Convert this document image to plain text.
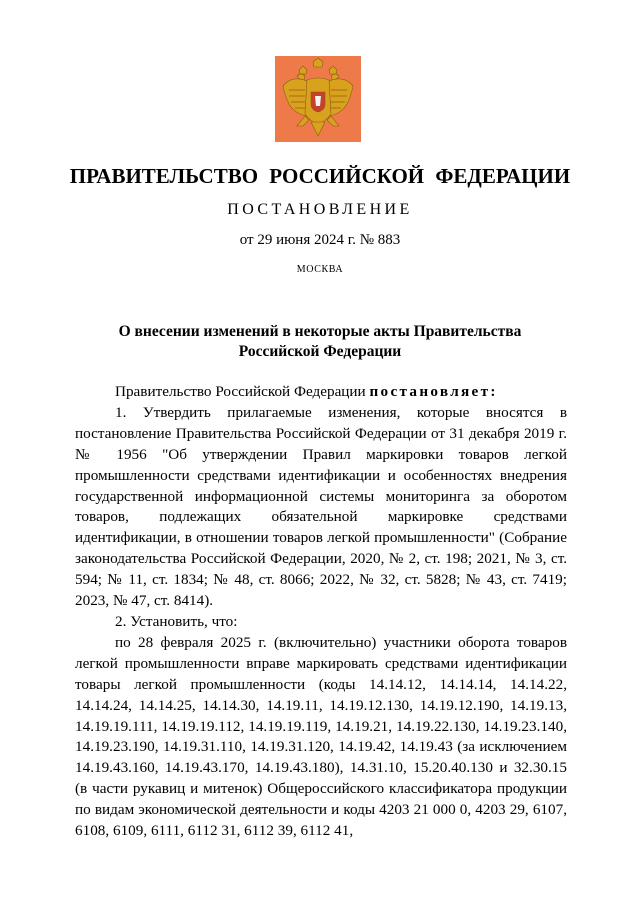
ПРАВИТЕЛЬСТВО РОССИЙСКОЙ ФЕДЕРАЦИИ
ПОСТАНОВЛЕНИЕ
от 29 июня 2024 г. № 883
МОСКВА
О внесении изменений в некоторые акты Правительства
Российской Федерации

Правительство Российской Федерации постановляет:

1. Утвердить прилагаемые изменения, которые вносятся в постановление Правительства Российской Федерации от 31 декабря 2019 г. № 1956 "Об утверждении Правил маркировки товаров легкой промышленности средствами идентификации и особенностях внедрения государственной информационной системы мониторинга за оборотом товаров, подлежащих обязательной маркировке средствами идентификации, в отношении товаров легкой промышленности" (Собрание законодательства Российской Федерации, 2020, № 2, ст. 198; 2021, № 3, ст. 594; № 11, ст. 1834; № 48, ст. 8066; 2022, № 32, ст. 5828; № 43, ст. 7419; 2023, № 47, ст. 8414).

2. Установить, что:

по 28 февраля 2025 г. (включительно) участники оборота товаров легкой промышленности вправе маркировать средствами идентификации товары легкой промышленности (коды 14.14.12, 14.14.14, 14.14.22, 14.14.24, 14.14.25, 14.14.30, 14.19.11, 14.19.12.130, 14.19.12.190, 14.19.13, 14.19.19.111, 14.19.19.112, 14.19.19.119, 14.19.21, 14.19.22.130, 14.19.23.140, 14.19.23.190, 14.19.31.110, 14.19.31.120, 14.19.42, 14.19.43 (за исключением 14.19.43.160, 14.19.43.170, 14.19.43.180), 14.31.10, 15.20.40.130 и 32.30.15 (в части рукавиц и митенок) Общероссийского классификатора продукции по видам экономической деятельности и коды 4203 21 000 0, 4203 29, 6107, 6108, 6109, 6111, 6112 31, 6112 39, 6112 41,
